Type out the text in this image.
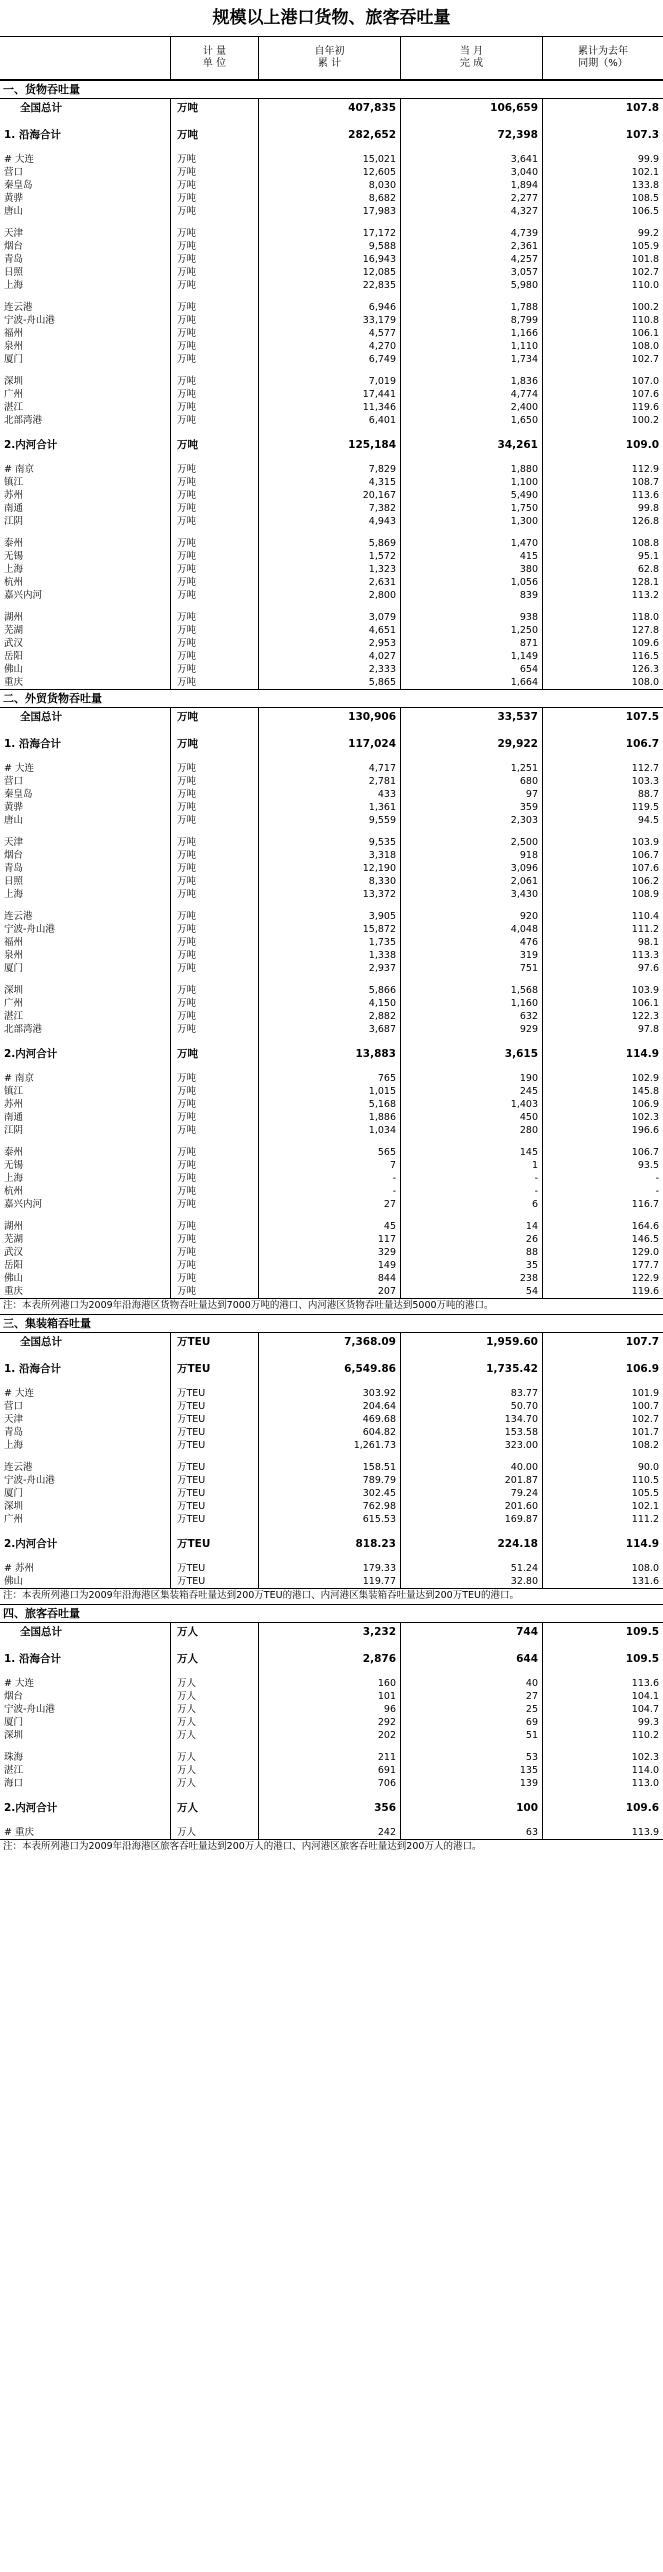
规模以上港口货物、旅客吞吐量
计 量
单 位
自年初
累 计
当 月
完 成
累计为去年
同期（%）
一、货物吞吐量
全国总计	万吨	407,835	106,659	107.8
1. 沿海合计	万吨	282,652	72,398	107.3
# 大连	万吨	15,021	3,641	99.9
营口	万吨	12,605	3,040	102.1
秦皇岛	万吨	8,030	1,894	133.8
黄骅	万吨	8,682	2,277	108.5
唐山	万吨	17,983	4,327	106.5
天津	万吨	17,172	4,739	99.2
烟台	万吨	9,588	2,361	105.9
青岛	万吨	16,943	4,257	101.8
日照	万吨	12,085	3,057	102.7
上海	万吨	22,835	5,980	110.0
连云港	万吨	6,946	1,788	100.2
宁波-舟山港	万吨	33,179	8,799	110.8
福州	万吨	4,577	1,166	106.1
泉州	万吨	4,270	1,110	108.0
厦门	万吨	6,749	1,734	102.7
深圳	万吨	7,019	1,836	107.0
广州	万吨	17,441	4,774	107.6
湛江	万吨	11,346	2,400	119.6
北部湾港	万吨	6,401	1,650	100.2
2.内河合计	万吨	125,184	34,261	109.0
# 南京	万吨	7,829	1,880	112.9
镇江	万吨	4,315	1,100	108.7
苏州	万吨	20,167	5,490	113.6
南通	万吨	7,382	1,750	99.8
江阴	万吨	4,943	1,300	126.8
泰州	万吨	5,869	1,470	108.8
无锡	万吨	1,572	415	95.1
上海	万吨	1,323	380	62.8
杭州	万吨	2,631	1,056	128.1
嘉兴内河	万吨	2,800	839	113.2
湖州	万吨	3,079	938	118.0
芜湖	万吨	4,651	1,250	127.8
武汉	万吨	2,953	871	109.6
岳阳	万吨	4,027	1,149	116.5
佛山	万吨	2,333	654	126.3
重庆	万吨	5,865	1,664	108.0
二、外贸货物吞吐量
全国总计	万吨	130,906	33,537	107.5
1. 沿海合计	万吨	117,024	29,922	106.7
# 大连	万吨	4,717	1,251	112.7
营口	万吨	2,781	680	103.3
秦皇岛	万吨	433	97	88.7
黄骅	万吨	1,361	359	119.5
唐山	万吨	9,559	2,303	94.5
天津	万吨	9,535	2,500	103.9
烟台	万吨	3,318	918	106.7
青岛	万吨	12,190	3,096	107.6
日照	万吨	8,330	2,061	106.2
上海	万吨	13,372	3,430	108.9
连云港	万吨	3,905	920	110.4
宁波-舟山港	万吨	15,872	4,048	111.2
福州	万吨	1,735	476	98.1
泉州	万吨	1,338	319	113.3
厦门	万吨	2,937	751	97.6
深圳	万吨	5,866	1,568	103.9
广州	万吨	4,150	1,160	106.1
湛江	万吨	2,882	632	122.3
北部湾港	万吨	3,687	929	97.8
2.内河合计	万吨	13,883	3,615	114.9
# 南京	万吨	765	190	102.9
镇江	万吨	1,015	245	145.8
苏州	万吨	5,168	1,403	106.9
南通	万吨	1,886	450	102.3
江阴	万吨	1,034	280	196.6
泰州	万吨	565	145	106.7
无锡	万吨	7	1	93.5
上海	万吨	-	-	-
杭州	万吨	-	-	-
嘉兴内河	万吨	27	6	116.7
湖州	万吨	45	14	164.6
芜湖	万吨	117	26	146.5
武汉	万吨	329	88	129.0
岳阳	万吨	149	35	177.7
佛山	万吨	844	238	122.9
重庆	万吨	207	54	119.6
注：本表所列港口为2009年沿海港区货物吞吐量达到7000万吨的港口、内河港区货物吞吐量达到5000万吨的港口。
三、集装箱吞吐量
全国总计	万TEU	7,368.09	1,959.60	107.7
1. 沿海合计	万TEU	6,549.86	1,735.42	106.9
# 大连	万TEU	303.92	83.77	101.9
营口	万TEU	204.64	50.70	100.7
天津	万TEU	469.68	134.70	102.7
青岛	万TEU	604.82	153.58	101.7
上海	万TEU	1,261.73	323.00	108.2
连云港	万TEU	158.51	40.00	90.0
宁波-舟山港	万TEU	789.79	201.87	110.5
厦门	万TEU	302.45	79.24	105.5
深圳	万TEU	762.98	201.60	102.1
广州	万TEU	615.53	169.87	111.2
2.内河合计	万TEU	818.23	224.18	114.9
# 苏州	万TEU	179.33	51.24	108.0
佛山	万TEU	119.77	32.80	131.6
注：本表所列港口为2009年沿海港区集装箱吞吐量达到200万TEU的港口、内河港区集装箱吞吐量达到200万TEU的港口。
四、旅客吞吐量
全国总计	万人	3,232	744	109.5
1. 沿海合计	万人	2,876	644	109.5
# 大连	万人	160	40	113.6
烟台	万人	101	27	104.1
宁波-舟山港	万人	96	25	104.7
厦门	万人	292	69	99.3
深圳	万人	202	51	110.2
珠海	万人	211	53	102.3
湛江	万人	691	135	114.0
海口	万人	706	139	113.0
2.内河合计	万人	356	100	109.6
# 重庆	万人	242	63	113.9
注：本表所列港口为2009年沿海港区旅客吞吐量达到200万人的港口、内河港区旅客吞吐量达到200万人的港口。
